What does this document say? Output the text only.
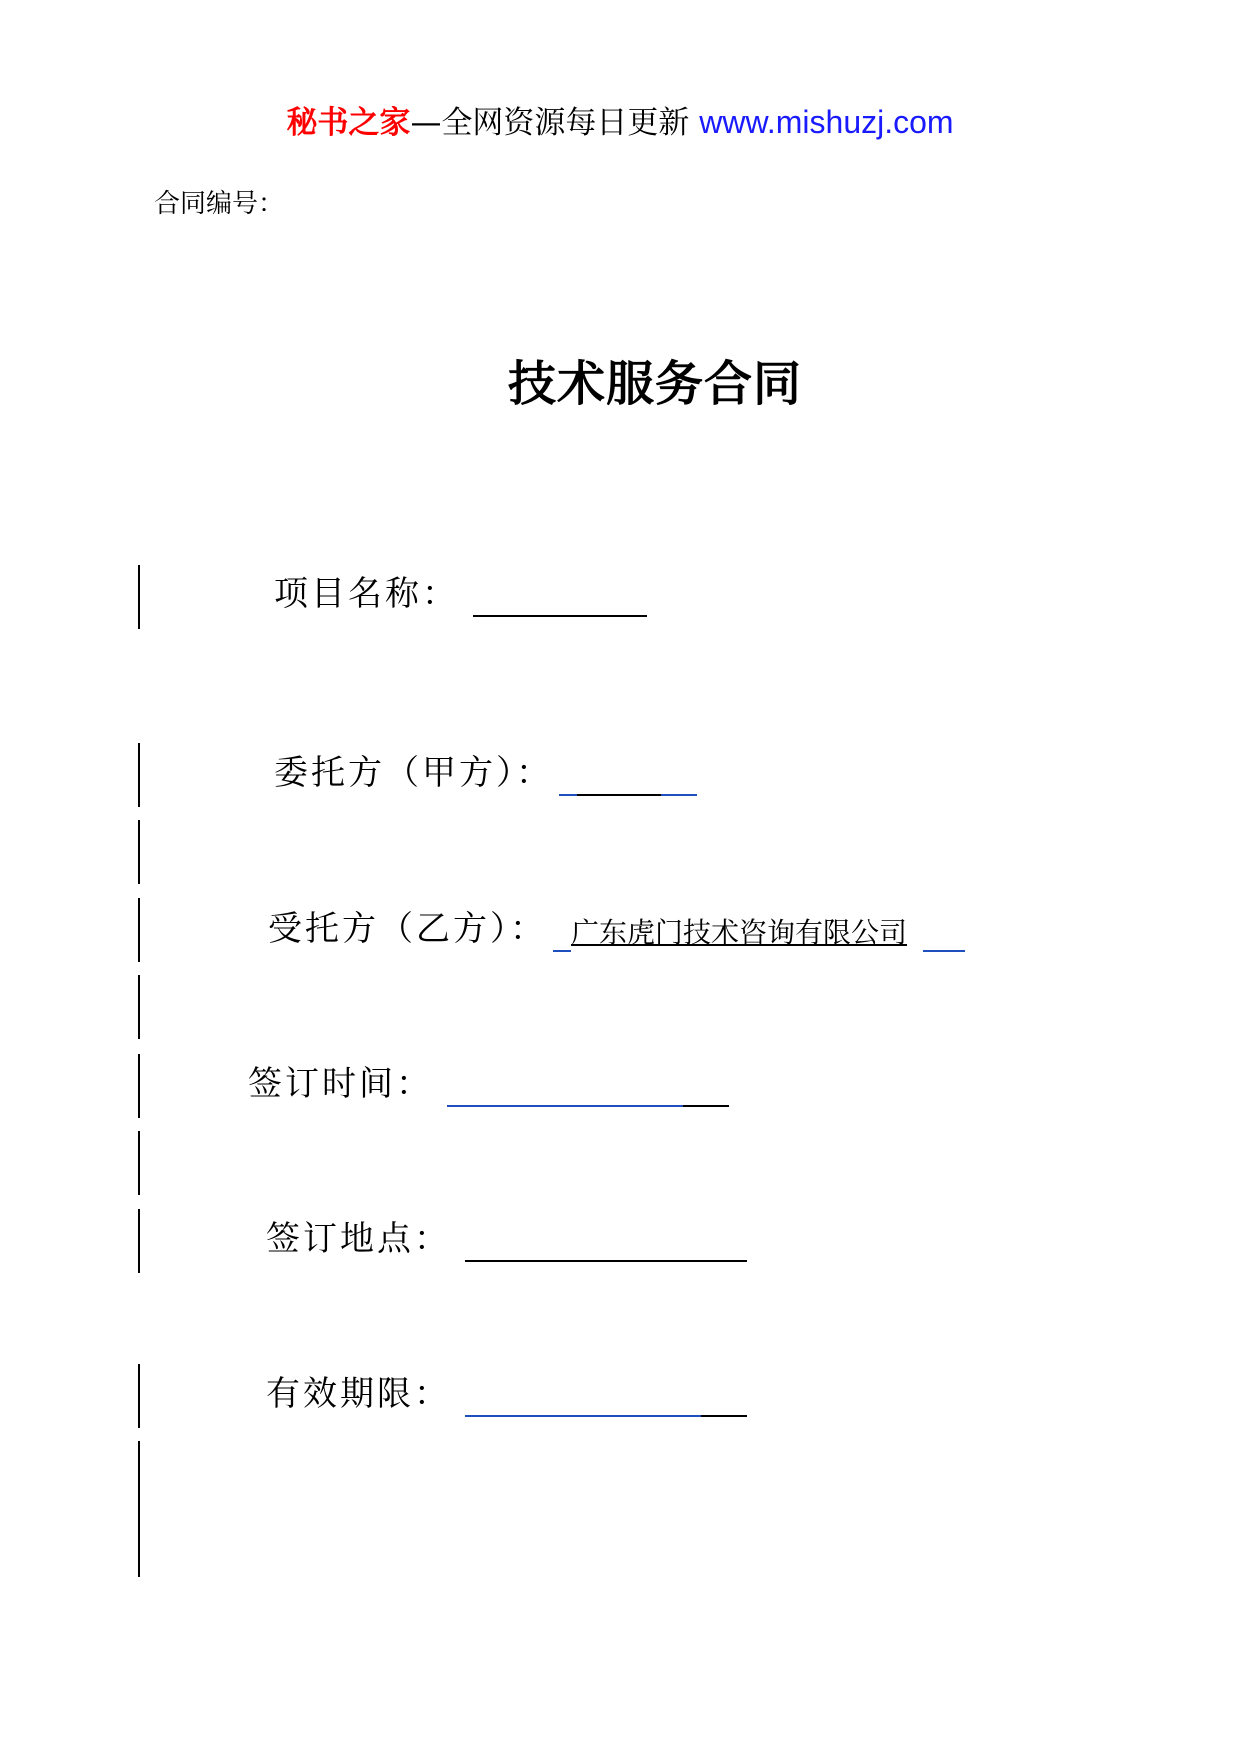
秘书之家—全网资源每日更新 www.mishuzj.com
合同编号：
技术服务合同
项目名称：
委托方（甲方）：
受托方（乙方）： 广东虎门技术咨询有限公司
签订时间：
签订地点：
有效期限：
